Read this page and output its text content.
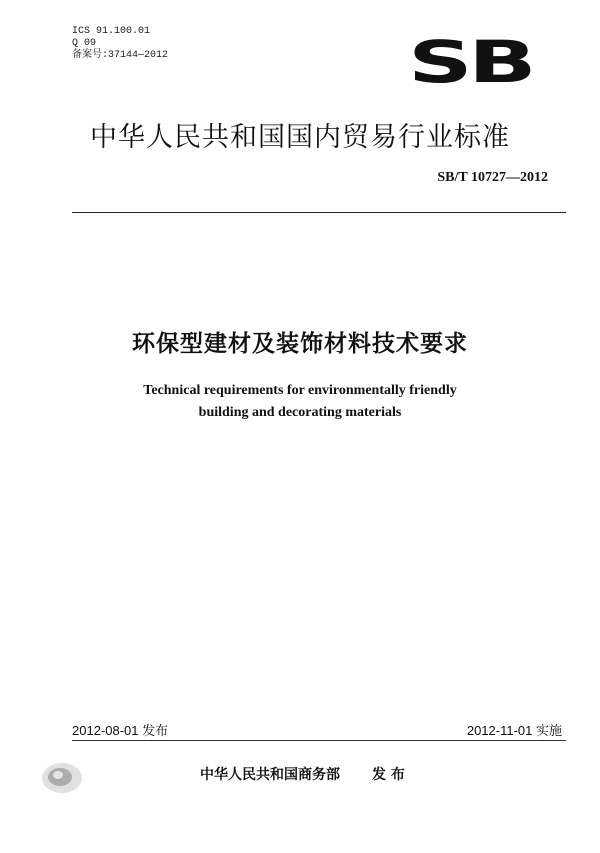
ICS 91.100.01
Q 09
备案号:37144—2012	SB
中华人民共和国国内贸易行业标准
SB/T 10727—2012
环保型建材及装饰材料技术要求
Technical requirements for environmentally friendly
building and decorating materials
2012-08-01 发布	2012-11-01 实施
中华人民共和国商务部 发 布
